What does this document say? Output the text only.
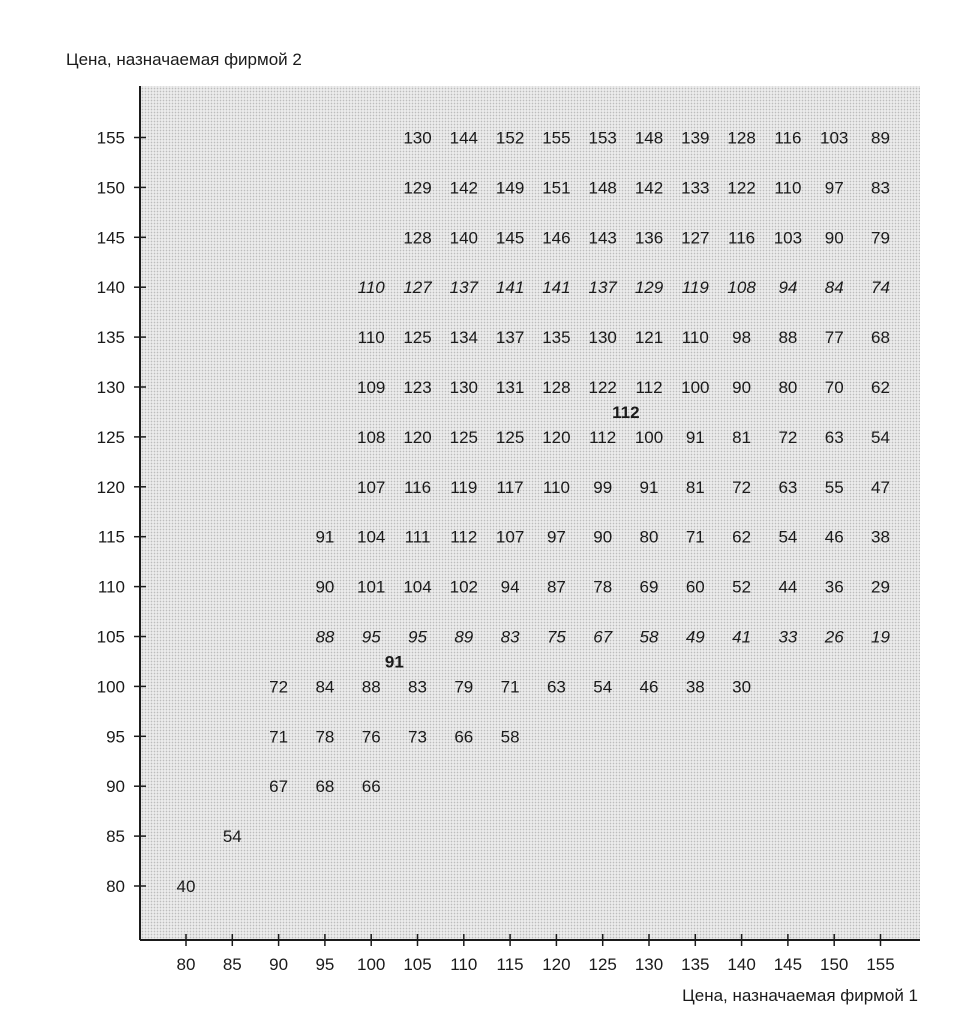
Цена, назначаемая фирмой 2
155
150
145
140
135
130
125
120
115
110
105
100
95
90
85
80
80 85 90 95 100 105 110 115 120 125 130 135 140 145 150 155
130 144 152 155 153 148 139 128 116 103 89
129 142 149 151 148 142 133 122 110 97 83
128 140 145 146 143 136 127 116 103 90 79
110 127 137 141 141 137 129 119 108 94 84 74
110 125 134 137 135 130 121 110 98 88 77 68
109 123 130 131 128 122 112 100 90 80 70 62
108 120 125 125 120 112 100 91 81 72 63 54
107 116 119 117 110 99 91 81 72 63 55 47
91 104 111 112 107 97 90 80 71 62 54 46 38
90 101 104 102 94 87 78 69 60 52 44 36 29
88 95 95 89 83 75 67 58 49 41 33 26 19
72 84 88 83 79 71 63 54 46 38 30
71 78 76 73 66 58
67 68 66
54
40
112
91
Цена, назначаемая фирмой 1
